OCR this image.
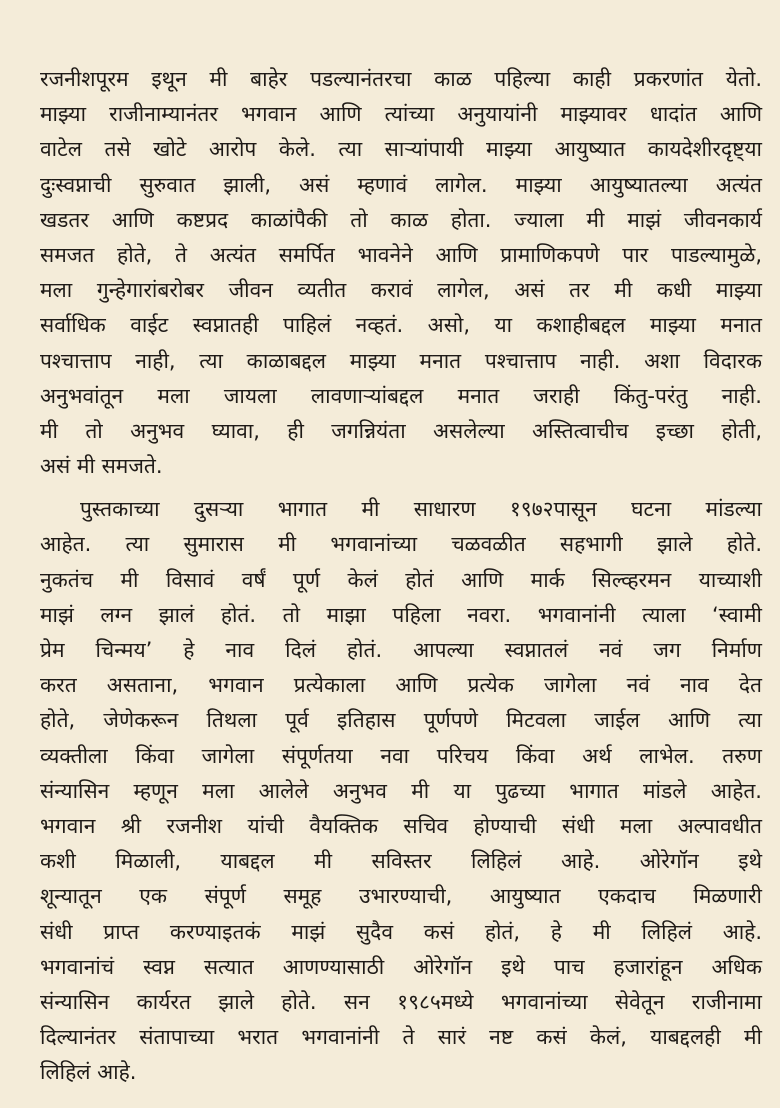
रजनीशपूरम इथून मी बाहेर पडल्यानंतरचा काळ पहिल्या काही प्रकरणांत येतो.
माझ्या राजीनाम्यानंतर भगवान आणि त्यांच्या अनुयायांनी माझ्यावर धादांत आणि
वाटेल तसे खोटे आरोप केले. त्या साऱ्यांपायी माझ्या आयुष्यात कायदेशीरदृष्ट्या
दुःस्वप्नाची सुरुवात झाली, असं म्हणावं लागेल. माझ्या आयुष्यातल्या अत्यंत
खडतर आणि कष्टप्रद काळांपैकी तो काळ होता. ज्याला मी माझं जीवनकार्य
समजत होते, ते अत्यंत समर्पित भावनेने आणि प्रामाणिकपणे पार पाडल्यामुळे,
मला गुन्हेगारांबरोबर जीवन व्यतीत करावं लागेल, असं तर मी कधी माझ्या
सर्वाधिक वाईट स्वप्नातही पाहिलं नव्हतं. असो, या कशाहीबद्दल माझ्या मनात
पश्चात्ताप नाही, त्या काळाबद्दल माझ्या मनात पश्चात्ताप नाही. अशा विदारक
अनुभवांतून मला जायला लावणाऱ्यांबद्दल मनात जराही किंतु-परंतु नाही.
मी तो अनुभव घ्यावा, ही जगन्नियंता असलेल्या अस्तित्वाचीच इच्छा होती,
असं मी समजते.
पुस्तकाच्या दुसऱ्या भागात मी साधारण १९७२पासून घटना मांडल्या
आहेत. त्या सुमारास मी भगवानांच्या चळवळीत सहभागी झाले होते.
नुकतंच मी विसावं वर्षं पूर्ण केलं होतं आणि मार्क सिल्व्हरमन याच्याशी
माझं लग्न झालं होतं. तो माझा पहिला नवरा. भगवानांनी त्याला ‘स्वामी
प्रेम चिन्मय’ हे नाव दिलं होतं. आपल्या स्वप्नातलं नवं जग निर्माण
करत असताना, भगवान प्रत्येकाला आणि प्रत्येक जागेला नवं नाव देत
होते, जेणेकरून तिथला पूर्व इतिहास पूर्णपणे मिटवला जाईल आणि त्या
व्यक्तीला किंवा जागेला संपूर्णतया नवा परिचय किंवा अर्थ लाभेल. तरुण
संन्यासिन म्हणून मला आलेले अनुभव मी या पुढच्या भागात मांडले आहेत.
भगवान श्री रजनीश यांची वैयक्तिक सचिव होण्याची संधी मला अल्पावधीत
कशी मिळाली, याबद्दल मी सविस्तर लिहिलं आहे. ओरेगॉन इथे
शून्यातून एक संपूर्ण समूह उभारण्याची, आयुष्यात एकदाच मिळणारी
संधी प्राप्त करण्याइतकं माझं सुदैव कसं होतं, हे मी लिहिलं आहे.
भगवानांचं स्वप्न सत्यात आणण्यासाठी ओरेगॉन इथे पाच हजारांहून अधिक
संन्यासिन कार्यरत झाले होते. सन १९८५मध्ये भगवानांच्या सेवेतून राजीनामा
दिल्यानंतर संतापाच्या भरात भगवानांनी ते सारं नष्ट कसं केलं, याबद्दलही मी
लिहिलं आहे.
